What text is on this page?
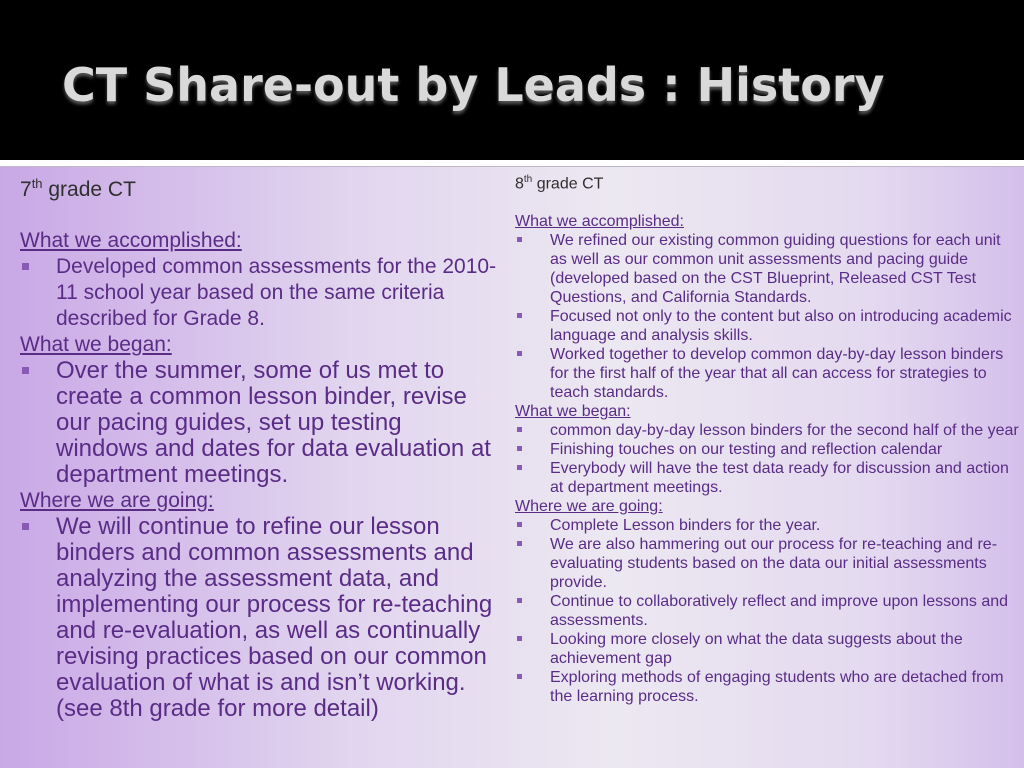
CT Share-out by Leads : History

7th grade CT

What we accomplished:

Developed common assessments for the 2010-11 school year based on the same criteria described for Grade 8.

What we began:

Over the summer, some of us met to create a common lesson binder, revise our pacing guides, set up testing windows and dates for data evaluation at department meetings.

Where we are going:

We will continue to refine our lesson binders and common assessments and analyzing the assessment data, and implementing our process for re-teaching and re-evaluation, as well as continually revising practices based on our common evaluation of what is and isn’t working. (see 8th grade for more detail)

8th grade CT

What we accomplished:

We refined our existing common guiding questions for each unit as well as our common unit assessments and pacing guide (developed based on the CST Blueprint, Released CST Test Questions, and California Standards.
Focused not only to the content but also on introducing academic language and analysis skills.
Worked together to develop common day-by-day lesson binders for the first half of the year that all can access for strategies to teach standards.

What we began:

common day-by-day lesson binders for the second half of the year
Finishing touches on our testing and reflection calendar
Everybody will have the test data ready for discussion and action at department meetings.

Where we are going:

Complete Lesson binders for the year.
We are also hammering out our process for re-teaching and re-evaluating students based on the data our initial assessments provide.
Continue to collaboratively reflect and improve upon lessons and assessments.
Looking more closely on what the data suggests about the achievement gap
Exploring methods of engaging students who are detached from the learning process.
